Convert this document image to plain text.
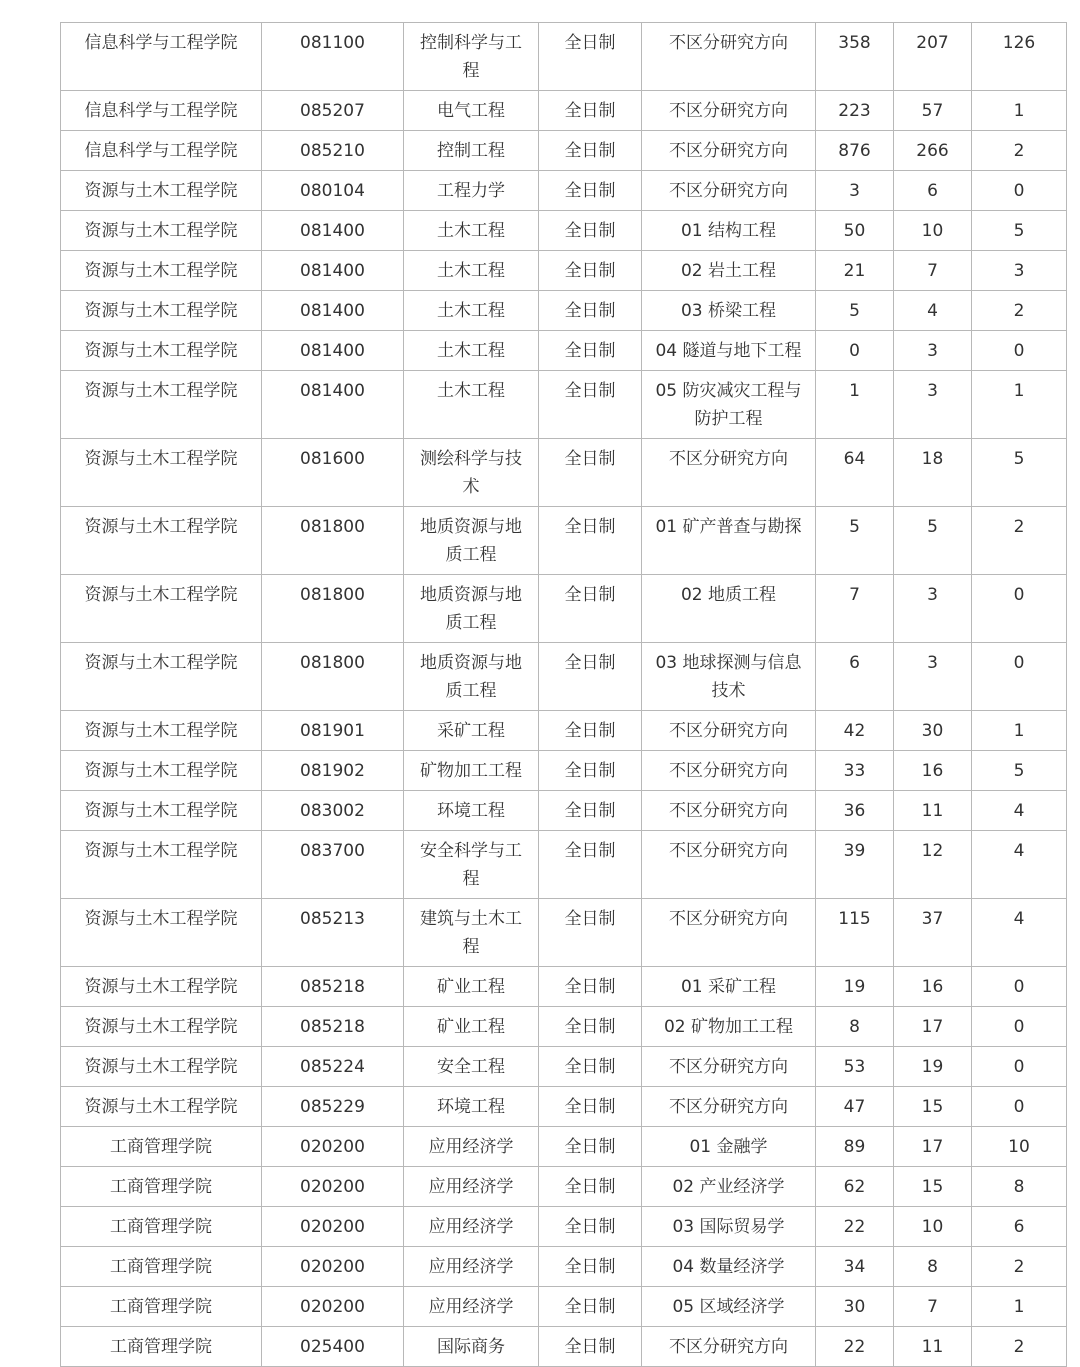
信息科学与工程学院	081100	控制科学与工程	全日制	不区分研究方向	358	207	126
信息科学与工程学院	085207	电气工程	全日制	不区分研究方向	223	57	1
信息科学与工程学院	085210	控制工程	全日制	不区分研究方向	876	266	2
资源与土木工程学院	080104	工程力学	全日制	不区分研究方向	3	6	0
资源与土木工程学院	081400	土木工程	全日制	01 结构工程	50	10	5
资源与土木工程学院	081400	土木工程	全日制	02 岩土工程	21	7	3
资源与土木工程学院	081400	土木工程	全日制	03 桥梁工程	5	4	2
资源与土木工程学院	081400	土木工程	全日制	04 隧道与地下工程	0	3	0
资源与土木工程学院	081400	土木工程	全日制	05 防灾减灾工程与防护工程	1	3	1
资源与土木工程学院	081600	测绘科学与技术	全日制	不区分研究方向	64	18	5
资源与土木工程学院	081800	地质资源与地质工程	全日制	01 矿产普查与勘探	5	5	2
资源与土木工程学院	081800	地质资源与地质工程	全日制	02 地质工程	7	3	0
资源与土木工程学院	081800	地质资源与地质工程	全日制	03 地球探测与信息技术	6	3	0
资源与土木工程学院	081901	采矿工程	全日制	不区分研究方向	42	30	1
资源与土木工程学院	081902	矿物加工工程	全日制	不区分研究方向	33	16	5
资源与土木工程学院	083002	环境工程	全日制	不区分研究方向	36	11	4
资源与土木工程学院	083700	安全科学与工程	全日制	不区分研究方向	39	12	4
资源与土木工程学院	085213	建筑与土木工程	全日制	不区分研究方向	115	37	4
资源与土木工程学院	085218	矿业工程	全日制	01 采矿工程	19	16	0
资源与土木工程学院	085218	矿业工程	全日制	02 矿物加工工程	8	17	0
资源与土木工程学院	085224	安全工程	全日制	不区分研究方向	53	19	0
资源与土木工程学院	085229	环境工程	全日制	不区分研究方向	47	15	0
工商管理学院	020200	应用经济学	全日制	01 金融学	89	17	10
工商管理学院	020200	应用经济学	全日制	02 产业经济学	62	15	8
工商管理学院	020200	应用经济学	全日制	03 国际贸易学	22	10	6
工商管理学院	020200	应用经济学	全日制	04 数量经济学	34	8	2
工商管理学院	020200	应用经济学	全日制	05 区域经济学	30	7	1
工商管理学院	025400	国际商务	全日制	不区分研究方向	22	11	2
